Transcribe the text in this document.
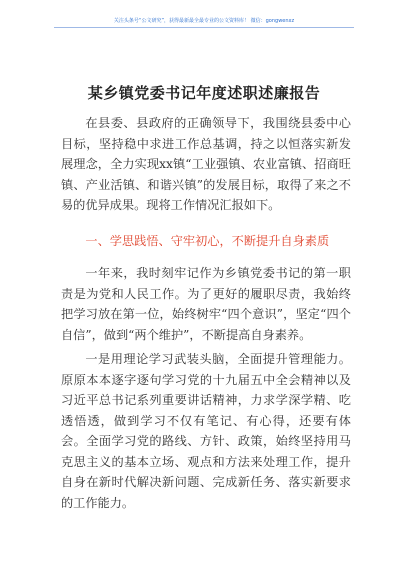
关注头条号“公文研究”，获得最新最全最专业的公文资料库！ 微信：gongwenxz
某乡镇党委书记年度述职述廉报告

在县委、县政府的正确领导下，我围绕县委中心目标，坚持稳中求进工作总基调，持之以恒落实新发展理念，全力实现xx镇“工业强镇、农业富镇、招商旺镇、产业活镇、和谐兴镇”的发展目标，取得了来之不易的优异成果。现将工作情况汇报如下。

一、学思践悟、守牢初心，不断提升自身素质

一年来，我时刻牢记作为乡镇党委书记的第一职责是为党和人民工作。为了更好的履职尽责，我始终把学习放在第一位，始终树牢“四个意识”，坚定“四个自信”，做到“两个维护”，不断提高自身素养。

一是用理论学习武装头脑，全面提升管理能力。原原本本逐字逐句学习党的十九届五中全会精神以及习近平总书记系列重要讲话精神，力求学深学精、吃透悟透，做到学习不仅有笔记、有心得，还要有体会。全面学习党的路线、方针、政策，始终坚持用马克思主义的基本立场、观点和方法来处理工作，提升自身在新时代解决新问题、完成新任务、落实新要求的工作能力。
